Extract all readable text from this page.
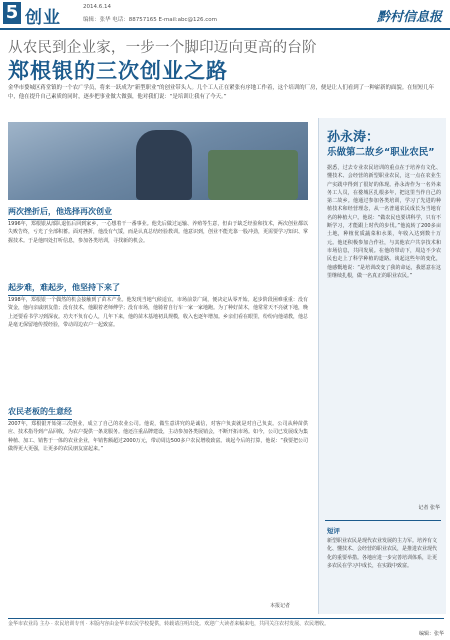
5 创业
2014.6.14
编辑：张华 电话：88757165 E-mail:abc@126.com	黔村信息报
从农民到企业家，一步一个脚印迈向更高的台阶
郑根银的三次创业之路
金华市婺城区蒋堂镇的一个农广学员，将来一跃成为“新型职业”的创业带头人。几个工人正在紧张有序地工作着，这个培训的厂房，便是让人们看到了一种崭新的面貌。在短短几年中，他在提升自己素质的同时，逐步把事业做大做强，他对我们说：“是培训让我有了今天。”
两次挫折后，他选择再次创业
1996年，郑根银从部队退伍后回到家乡，一心想着干一番事业。他先后做过运输、养殖等生意，但由于缺乏经验和技术，两次创业都以失败告终，亏光了全部积蓄。面对挫折，他没有气馁，而是认真总结经验教训。他意识到，创业不能光靠一股冲劲，更需要学习知识、掌握技术。于是他四处打听信息，参加各类培训，寻找新的机会。
起步难，难起步，他坚持下来了
1998年，郑根银一个偶然的机会接触到了苗木产业。他发现当地气候适宜，市场前景广阔，便决定从零开始。起步阶段困难重重：没有资金，他向亲戚朋友借；没有技术，他跟着老师傅学；没有市场，他骑着自行车一家一家地跑。为了种好苗木，他常常天不亮就下地，晚上还要看书学习到深夜。功夫不负有心人，几年下来，他的苗木基地初具规模，收入也逐年增加。乡亲们看在眼里，纷纷向他请教，他总是毫无保留地传授经验，带动周边农户一起致富。
农民老板的生意经
2007年，郑根银开始第三次创业，成立了自己的农业公司。他说，做生意讲究的是诚信，对客户负责就是对自己负责。公司从种苗供应、技术指导到产品回收，为农户提供一条龙服务。他还注重品牌建设，主动参加各类展销会，不断开拓市场。如今，公司已发展成为集种植、加工、销售于一体的农业企业，年销售额超过2000万元，带动周边500多户农民增收致富。谈起今后的打算，他说：“我要把公司做得更大更强，让更多的农民朋友富起来。”
本报记者
孙永涛：
乐做第二故乡“职业农民”
据悉，过去专业农民培训的重点在于培养有文化、懂技术、会经营的新型职业农民，这一点在农业生产实践中得到了很好的体现。孙永涛作为一名外来务工人员，在婺城区扎根多年，把这里当作自己的第二故乡。他通过参加各类培训，学习了先进的种植技术和经营理念，从一名普通农民成长为当地有名的种植大户。他说：“做农民也要讲科学，只有不断学习，才能跟上时代的步伐。”他流转了200多亩土地，种植优质蔬菜和水果，年收入达到数十万元。他还积极参加合作社，与其他农户共享技术和市场信息，共同发展。在他的带动下，周边不少农民也走上了科学种植的道路。谈起这些年的变化，他感慨地说：“是培训改变了我的命运，我愿意在这里继续扎根，做一名真正的职业农民。”
记者 张华
短评
新型职业农民是现代农业发展的主力军。培养有文化、懂技术、会经营的职业农民，是推进农业现代化的重要举措。各地应进一步完善培训体系，让更多农民在学习中成长，在实践中致富。
金华市农业局 主办 · 农民培训专刊 · 本版内容由金华市农民学校提供，转载请注明出处。欢迎广大读者来稿来电，共同关注农村发展、农民增收。
编辑：张华
